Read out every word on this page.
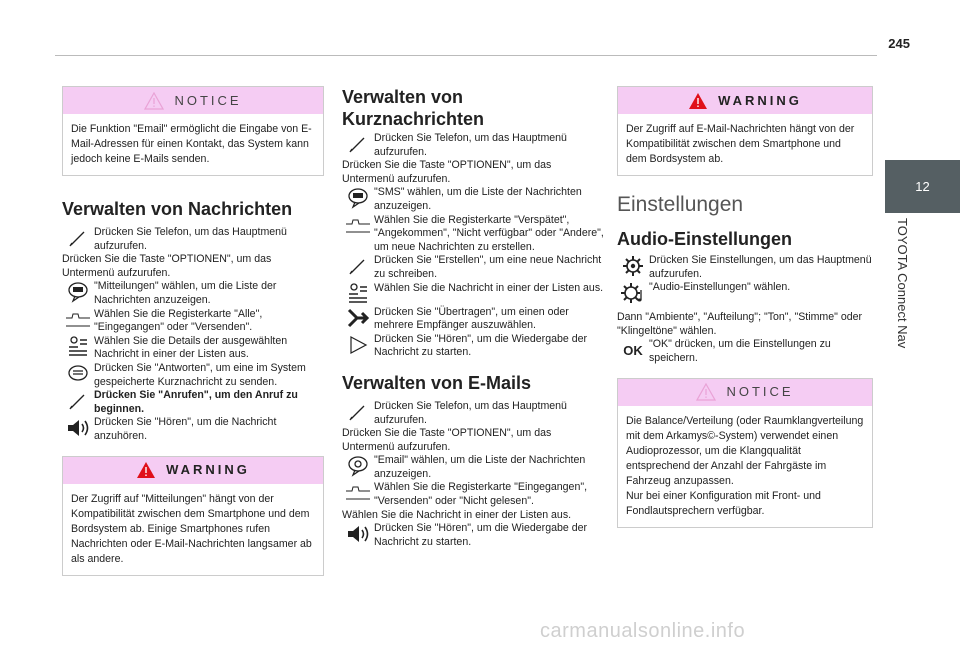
245
12
TOYOTA Connect Nav
NOTICE
Die Funktion "Email" ermöglicht die Eingabe von E-Mail-Adressen für einen Kontakt, das System kann jedoch keine E-Mails senden.
Verwalten von Nachrichten
Drücken Sie Telefon, um das Hauptmenü aufzurufen.

Drücken Sie die Taste "OPTIONEN", um das Untermenü aufzurufen.

"Mitteilungen" wählen, um die Liste der Nachrichten anzuzeigen.
Wählen Sie die Registerkarte "Alle", "Eingegangen" oder "Versenden".
Wählen Sie die Details der ausgewählten Nachricht in einer der Listen aus.
Drücken Sie "Antworten", um eine im System gespeicherte Kurznachricht zu senden.
Drücken Sie "Anrufen", um den Anruf zu beginnen.
Drücken Sie "Hören", um die Nachricht anzuhören.
WARNING
Der Zugriff auf "Mitteilungen" hängt von der Kompatibilität zwischen dem Smartphone und dem Bordsystem ab. Einige Smartphones rufen Nachrichten oder E-Mail-Nachrichten langsamer ab als andere.
Verwalten von Kurznachrichten
Drücken Sie Telefon, um das Hauptmenü aufzurufen.

Drücken Sie die Taste "OPTIONEN", um das Untermenü aufzurufen.

"SMS" wählen, um die Liste der Nachrichten anzuzeigen.
Wählen Sie die Registerkarte "Verspätet", "Angekommen", "Nicht verfügbar" oder "Andere", um neue Nachrichten zu erstellen.
Drücken Sie "Erstellen", um eine neue Nachricht zu schreiben.
Wählen Sie die Nachricht in einer der Listen aus.
Drücken Sie "Übertragen", um einen oder mehrere Empfänger auszuwählen.
Drücken Sie "Hören", um die Wiedergabe der Nachricht zu starten.
Verwalten von E-Mails
Drücken Sie Telefon, um das Hauptmenü aufzurufen.

Drücken Sie die Taste "OPTIONEN", um das Untermenü aufzurufen.

"Email" wählen, um die Liste der Nachrichten anzuzeigen.
Wählen Sie die Registerkarte "Eingegangen", "Versenden" oder "Nicht gelesen".

Wählen Sie die Nachricht in einer der Listen aus.

Drücken Sie "Hören", um die Wiedergabe der Nachricht zu starten.
WARNING
Der Zugriff auf E-Mail-Nachrichten hängt von der Kompatibilität zwischen dem Smartphone und dem Bordsystem ab.
Einstellungen
Audio-Einstellungen
Drücken Sie Einstellungen, um das Hauptmenü aufzurufen.
"Audio-Einstellungen" wählen.

Dann "Ambiente", "Aufteilung"; "Ton", "Stimme" oder "Klingeltöne" wählen.

OK "OK" drücken, um die Einstellungen zu speichern.
NOTICE

Die Balance/Verteilung (oder Raumklangverteilung mit dem Arkamys©-System) verwendet einen Audioprozessor, um die Klangqualität entsprechend der Anzahl der Fahrgäste im Fahrzeug anzupassen.

Nur bei einer Konfiguration mit Front- und Fondlautsprechern verfügbar.

carmanualsonline.info
